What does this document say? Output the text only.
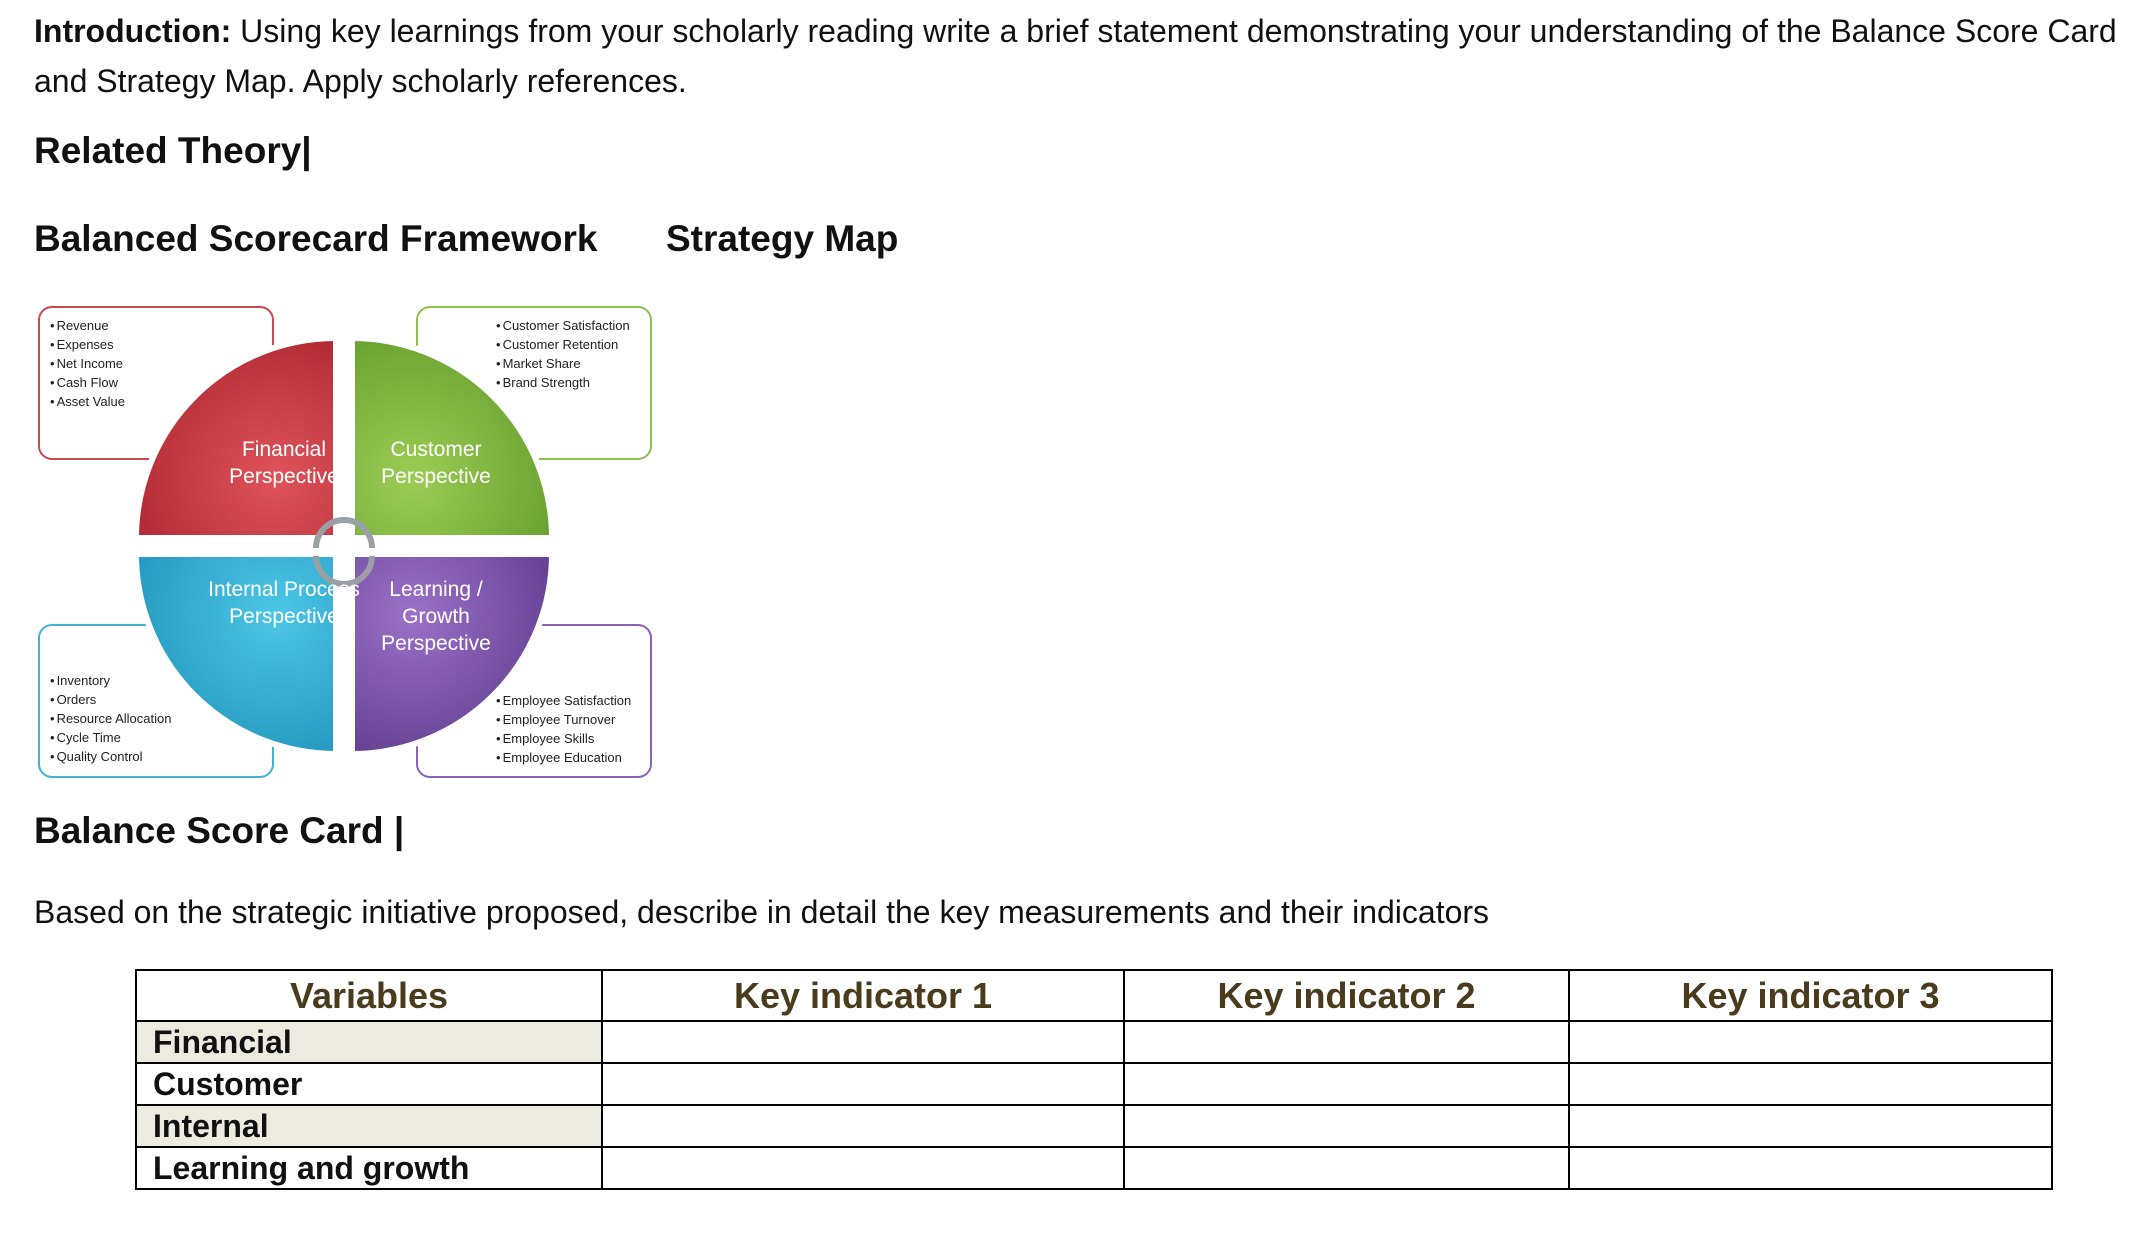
Introduction: Using key learnings from your scholarly reading write a brief statement demonstrating your understanding of the Balance Score Card and Strategy Map. Apply scholarly references.
Related Theory|
Balanced Scorecard Framework Strategy Map
• Revenue
• Expenses
• Net Income
• Cash Flow
• Asset Value
• Customer Satisfaction
• Customer Retention
• Market Share
• Brand Strength
• Inventory
• Orders
• Resource Allocation
• Cycle Time
• Quality Control
• Employee Satisfaction
• Employee Turnover
• Employee Skills
• Employee Education
Financial Perspective
Customer Perspective
Internal Process Perspective
Learning / Growth Perspective
Balance Score Card |
Based on the strategic initiative proposed, describe in detail the key measurements and their indicators
Variables	Key indicator 1	Key indicator 2	Key indicator 3
Financial			
Customer			
Internal			
Learning and growth			
